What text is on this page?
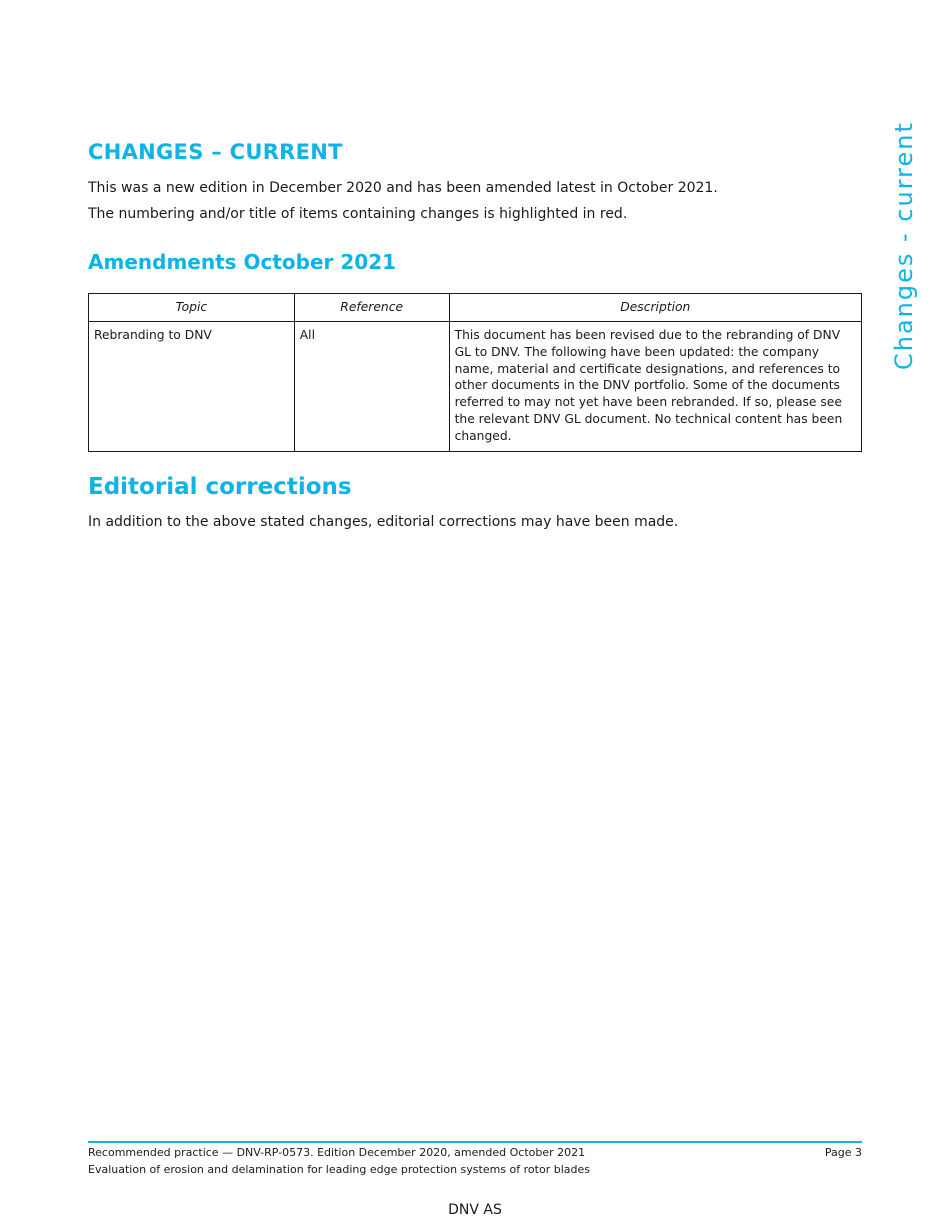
Changes - current
CHANGES – CURRENT

This was a new edition in December 2020 and has been amended latest in October 2021.

The numbering and/or title of items containing changes is highlighted in red.

Amendments October 2021
Topic	Reference	Description
Rebranding to DNV	All	This document has been revised due to the rebranding of DNV GL to DNV. The following have been updated: the company name, material and certificate designations, and references to other documents in the DNV portfolio. Some of the documents referred to may not yet have been rebranded. If so, please see the relevant DNV GL document. No technical content has been changed.
Editorial corrections

In addition to the above stated changes, editorial corrections may have been made.

Recommended practice — DNV-RP-0573. Edition December 2020, amended October 2021	Page 3
Evaluation of erosion and delamination for leading edge protection systems of rotor blades
DNV AS
